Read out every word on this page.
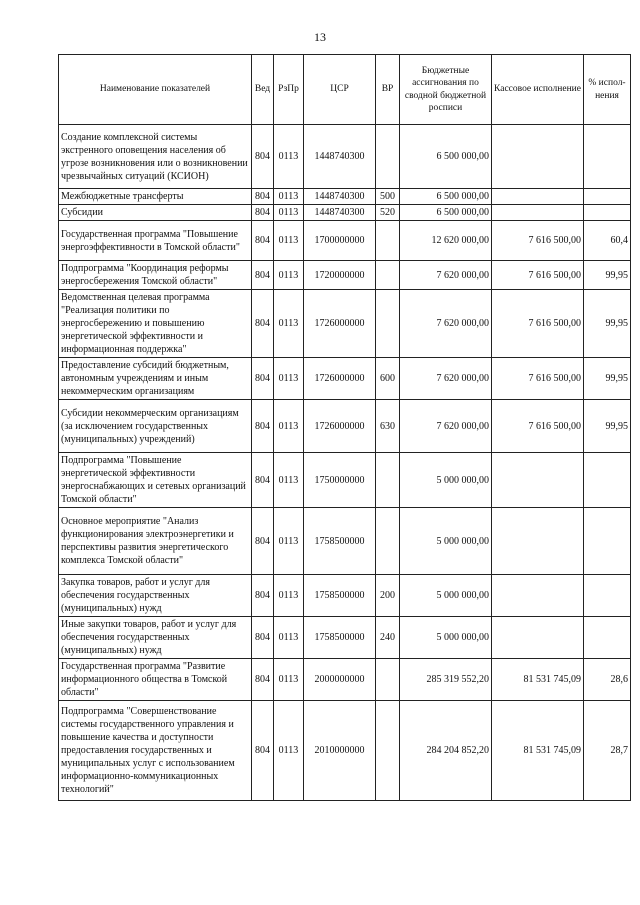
13
Наименование показателей	Вед	РзПр	ЦСР	ВР	Бюджетные ассигнования по сводной бюджетной росписи	Кассовое исполнение	% испол-нения
Создание комплексной системы экстренного оповещения населения об угрозе возникновения или о возникновении чрезвычайных ситуаций (КСИОН)	804	0113	1448740300		6 500 000,00		
Межбюджетные трансферты	804	0113	1448740300	500	6 500 000,00		
Субсидии	804	0113	1448740300	520	6 500 000,00		
Государственная программа "Повышение энергоэффективности в Томской области"	804	0113	1700000000		12 620 000,00	7 616 500,00	60,4
Подпрограмма "Координация реформы энергосбережения Томской области"	804	0113	1720000000		7 620 000,00	7 616 500,00	99,95
Ведомственная целевая программа "Реализация политики по энергосбережению и повышению энергетической эффективности и информационная поддержка"	804	0113	1726000000		7 620 000,00	7 616 500,00	99,95
Предоставление субсидий бюджетным, автономным учреждениям и иным некоммерческим организациям	804	0113	1726000000	600	7 620 000,00	7 616 500,00	99,95
Субсидии некоммерческим организациям (за исключением государственных (муниципальных) учреждений)	804	0113	1726000000	630	7 620 000,00	7 616 500,00	99,95
Подпрограмма "Повышение энергетической эффективности энергоснабжающих и сетевых организаций Томской области"	804	0113	1750000000		5 000 000,00		
Основное мероприятие "Анализ функционирования электроэнергетики и перспективы развития энергетического комплекса Томской области"	804	0113	1758500000		5 000 000,00		
Закупка товаров, работ и услуг для обеспечения государственных (муниципальных) нужд	804	0113	1758500000	200	5 000 000,00		
Иные закупки товаров, работ и услуг для обеспечения государственных (муниципальных) нужд	804	0113	1758500000	240	5 000 000,00		
Государственная программа "Развитие информационного общества в Томской области"	804	0113	2000000000		285 319 552,20	81 531 745,09	28,6
Подпрограмма "Совершенствование системы государственного управления и повышение качества и доступности предоставления государственных и муниципальных услуг с использованием информационно-коммуникационных технологий"	804	0113	2010000000		284 204 852,20	81 531 745,09	28,7
